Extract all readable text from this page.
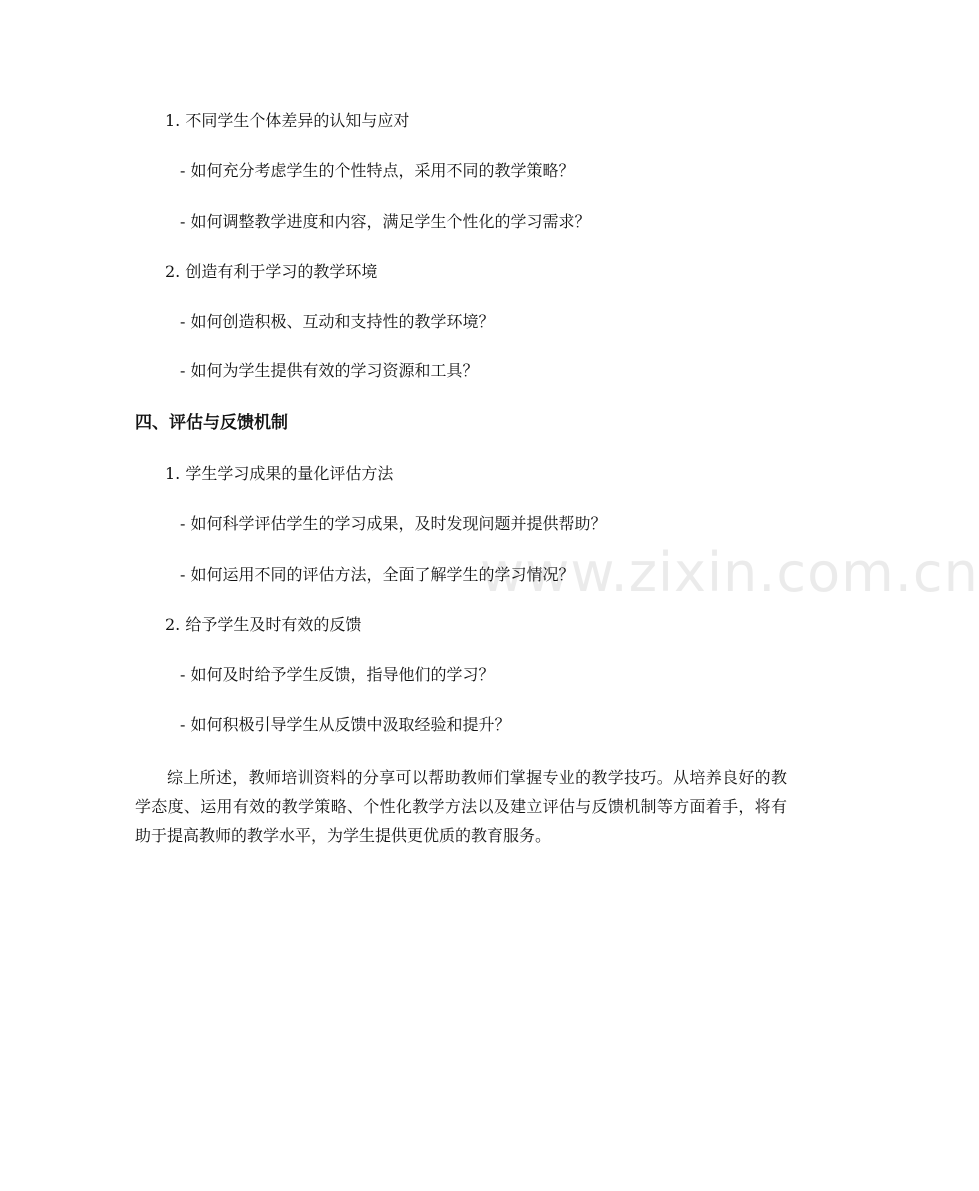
1. 不同学生个体差异的认知与应对
- 如何充分考虑学生的个性特点，采用不同的教学策略？
- 如何调整教学进度和内容，满足学生个性化的学习需求？
2. 创造有利于学习的教学环境
- 如何创造积极、互动和支持性的教学环境？
- 如何为学生提供有效的学习资源和工具？
四、评估与反馈机制
1. 学生学习成果的量化评估方法
- 如何科学评估学生的学习成果，及时发现问题并提供帮助？
- 如何运用不同的评估方法，全面了解学生的学习情况？
2. 给予学生及时有效的反馈
- 如何及时给予学生反馈，指导他们的学习？
- 如何积极引导学生从反馈中汲取经验和提升？
综上所述，教师培训资料的分享可以帮助教师们掌握专业的教学技巧。从培养良好的教学态度、运用有效的教学策略、个性化教学方法以及建立评估与反馈机制等方面着手，将有助于提高教师的教学水平，为学生提供更优质的教育服务。
www.zixin.com.cn
